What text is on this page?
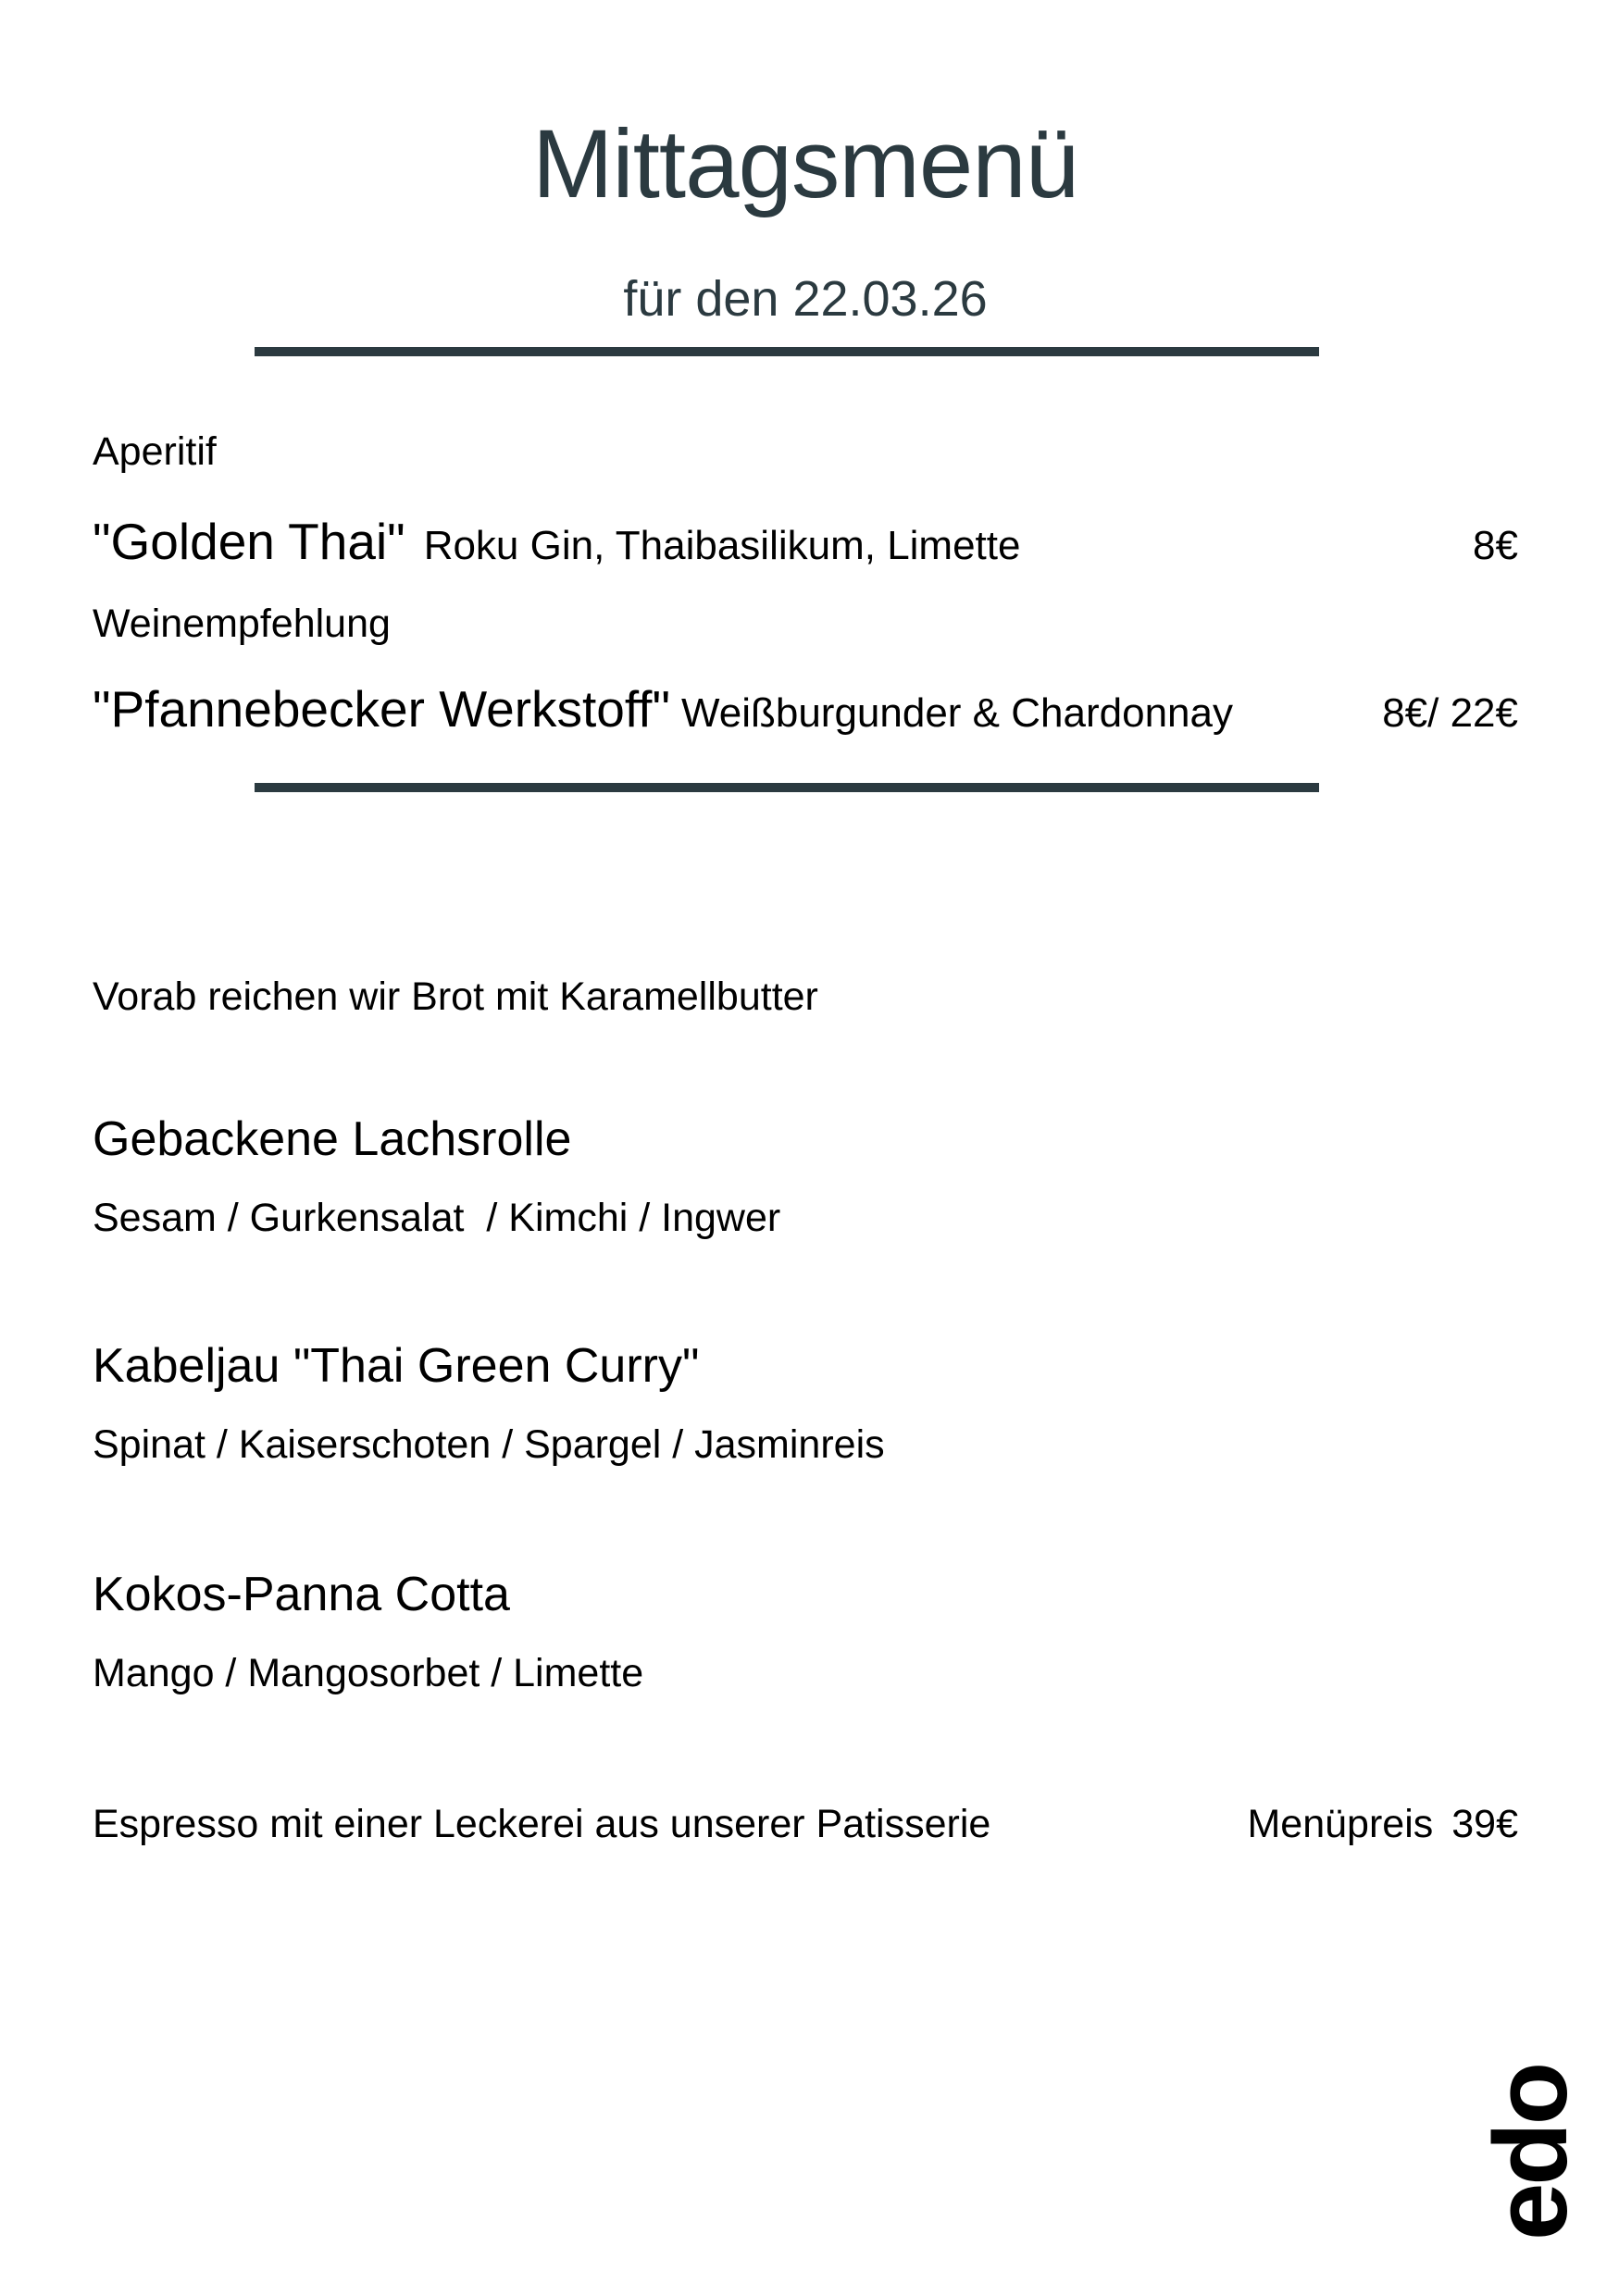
Mittagsmenü
für den 22.03.26

Aperitif

"Golden Thai" Roku Gin, Thaibasilikum, Limette	8€

Weinempfehlung

"Pfannebecker Werkstoff" Weißburgunder & Chardonnay	8€/ 22€

Vorab reichen wir Brot mit Karamellbutter

Gebackene Lachsrolle

Sesam / Gurkensalat  / Kimchi / Ingwer

Kabeljau "Thai Green Curry"

Spinat / Kaiserschoten / Spargel / Jasminreis

Kokos-Panna Cotta

Mango / Mangosorbet / Limette

Espresso mit einer Leckerei aus unserer Patisserie	Menüpreis 39€
edo
